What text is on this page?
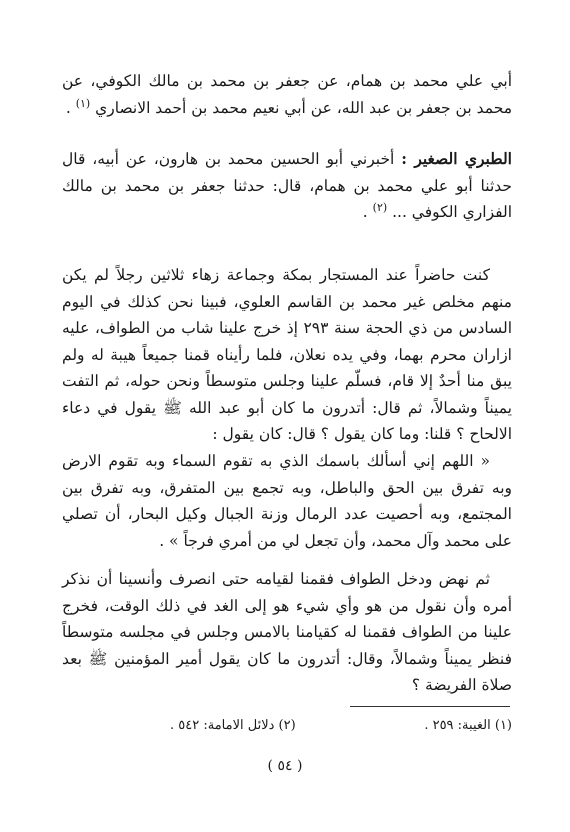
أبي علي محمد بن همام، عن جعفر بن محمد بن مالك الكوفي، عن محمد بن جعفر بن عبد الله، عن أبي نعيم محمد بن أحمد الانصاري $^{(١)}$ .

الطبري الصغير : أخبرني أبو الحسين محمد بن هارون، عن أبيه، قال حدثنا أبو علي محمد بن همام، قال: حدثنا جعفر بن محمد بن مالك الفزاري الكوفي ... $^{(٢)}$ .

كنت حاضراً عند المستجار بمكة وجماعة زهاء ثلاثين رجلاً لم يكن منهم مخلص غير محمد بن القاسم العلوي، فبينا نحن كذلك في اليوم السادس من ذي الحجة سنة ٢٩٣ إذ خرج علينا شاب من الطواف، عليه ازاران محرم بهما، وفي يده نعلان، فلما رأيناه قمنا جميعاً هيبة له ولم يبق منا أحدٌ إلا قام، فسلّم علينا وجلس متوسطاً ونحن حوله، ثم التفت يميناً وشمالاً، ثم قال: أتدرون ما كان أبو عبد الله ﷺ يقول في دعاء الالحاح ؟ قلنا: وما كان يقول ؟ قال: كان يقول :

« اللهم إني أسألك باسمك الذي به تقوم السماء وبه تقوم الارض وبه تفرق بين الحق والباطل، وبه تجمع بين المتفرق، وبه تفرق بين المجتمع، وبه أحصيت عدد الرمال وزنة الجبال وكيل البحار، أن تصلي على محمد وآل محمد، وأن تجعل لي من أمري فرجاً » .

ثم نهض ودخل الطواف فقمنا لقيامه حتى انصرف وأنسينا أن نذكر أمره وأن نقول من هو وأي شيء هو إلى الغد في ذلك الوقت، فخرج علينا من الطواف فقمنا له كقيامنا بالامس وجلس في مجلسه متوسطاً فنظر يميناً وشمالاً، وقال: أتدرون ما كان يقول أمير المؤمنين ﷺ بعد صلاة الفريضة ؟

(١) الغيبة: ٢٥٩ .
(٢) دلائل الامامة: ٥٤٢ .
( ٥٤ )
